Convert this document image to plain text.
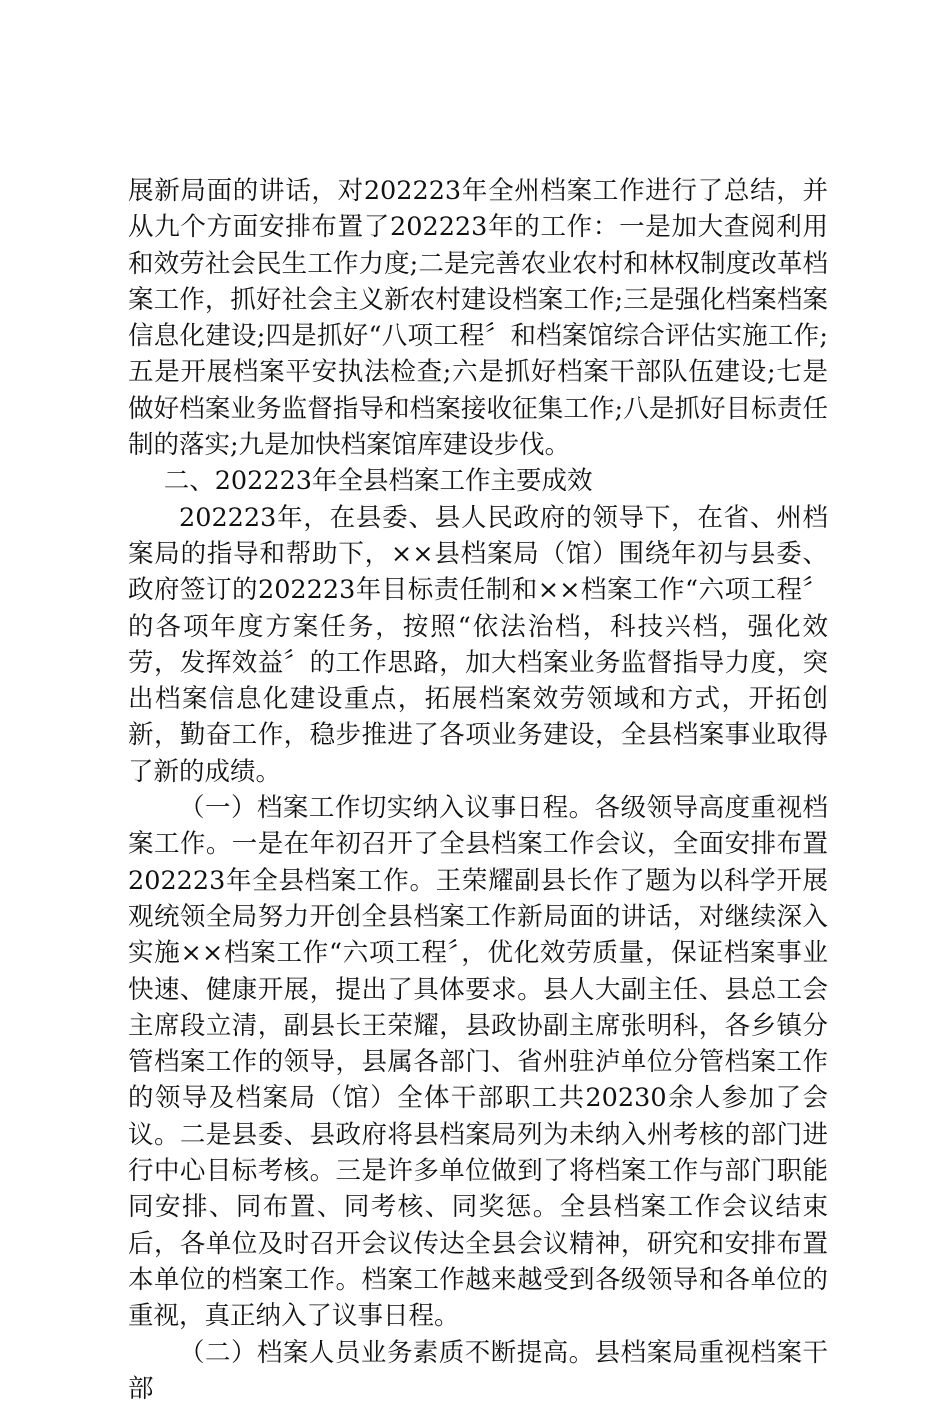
展新局面的讲话，对202223年全州档案工作进行了总结，并从九个方面安排布置了202223年的工作：一是加大查阅利用和效劳社会民生工作力度;二是完善农业农村和林权制度改革档案工作，抓好社会主义新农村建设档案工作;三是强化档案档案信息化建设;四是抓好“八项工程〞和档案馆综合评估实施工作;五是开展档案平安执法检查;六是抓好档案干部队伍建设;七是做好档案业务监督指导和档案接收征集工作;八是抓好目标责任制的落实;九是加快档案馆库建设步伐。

二、202223年全县档案工作主要成效

202223年，在县委、县人民政府的领导下，在省、州档案局的指导和帮助下，××县档案局（馆）围绕年初与县委、政府签订的202223年目标责任制和××档案工作“六项工程〞的各项年度方案任务，按照“依法治档，科技兴档，强化效劳，发挥效益〞的工作思路，加大档案业务监督指导力度，突出档案信息化建设重点，拓展档案效劳领域和方式，开拓创新，勤奋工作，稳步推进了各项业务建设，全县档案事业取得了新的成绩。

（一）档案工作切实纳入议事日程。各级领导高度重视档案工作。一是在年初召开了全县档案工作会议，全面安排布置202223年全县档案工作。王荣耀副县长作了题为以科学开展观统领全局努力开创全县档案工作新局面的讲话，对继续深入实施××档案工作“六项工程〞，优化效劳质量，保证档案事业快速、健康开展，提出了具体要求。县人大副主任、县总工会主席段立清，副县长王荣耀，县政协副主席张明科，各乡镇分管档案工作的领导，县属各部门、省州驻泸单位分管档案工作的领导及档案局（馆）全体干部职工共20230余人参加了会议。二是县委、县政府将县档案局列为未纳入州考核的部门进行中心目标考核。三是许多单位做到了将档案工作与部门职能同安排、同布置、同考核、同奖惩。全县档案工作会议结束后，各单位及时召开会议传达全县会议精神，研究和安排布置本单位的档案工作。档案工作越来越受到各级领导和各单位的重视，真正纳入了议事日程。

（二）档案人员业务素质不断提高。县档案局重视档案干部
